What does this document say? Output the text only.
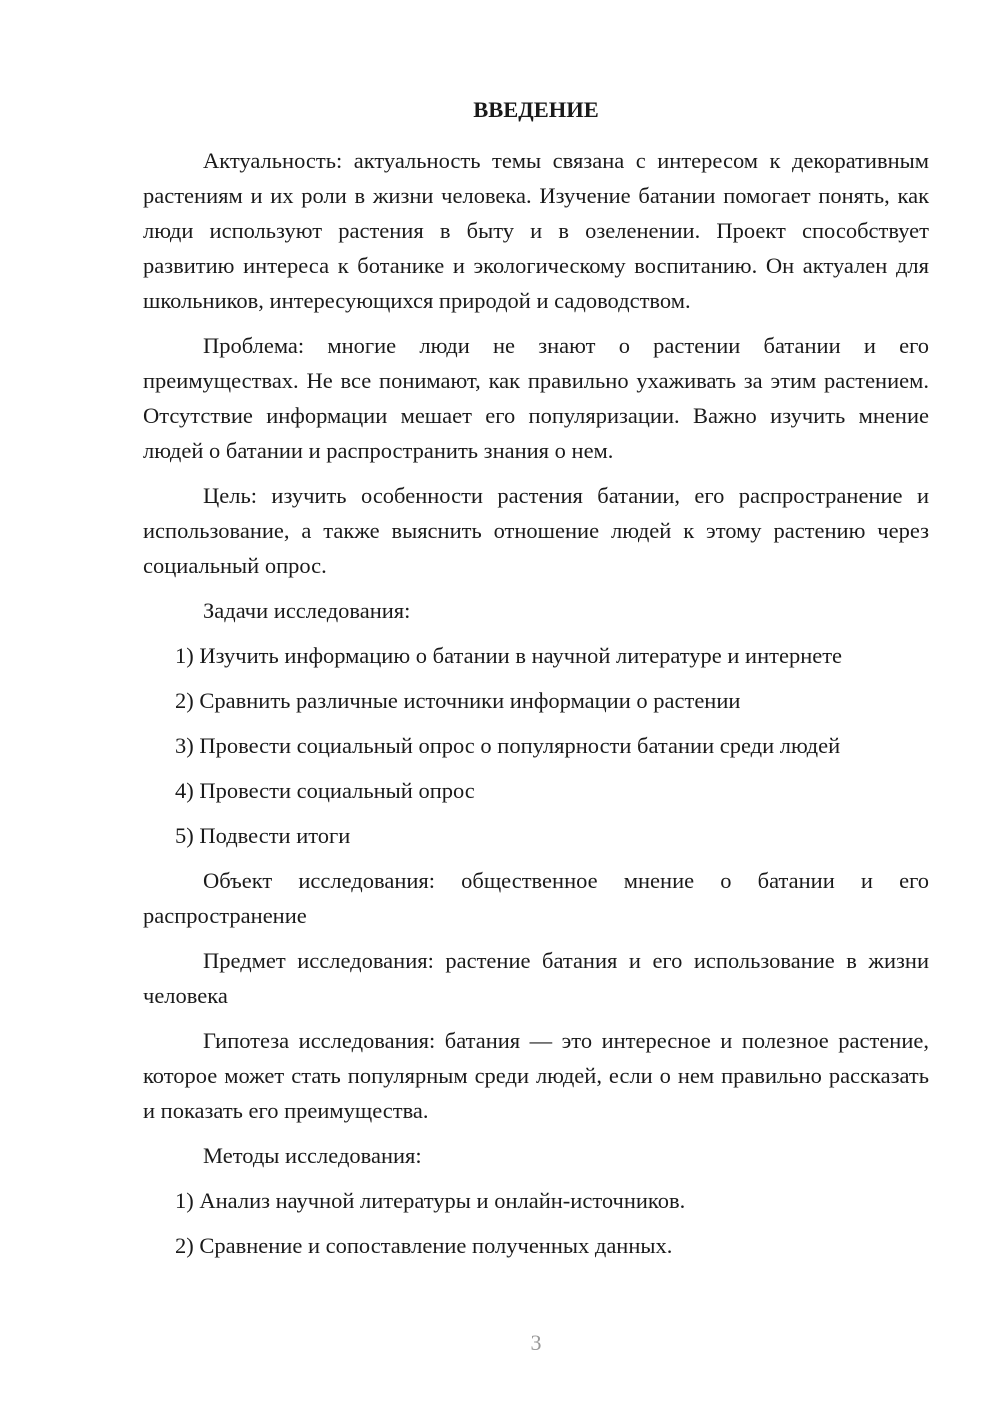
ВВЕДЕНИЕ

Актуальность: актуальность темы связана с интересом к декоративным растениям и их роли в жизни человека. Изучение батании помогает понять, как люди используют растения в быту и в озеленении. Проект способствует развитию интереса к ботанике и экологическому воспитанию. Он актуален для школьников, интересующихся природой и садоводством.

Проблема: многие люди не знают о растении батании и его преимуществах. Не все понимают, как правильно ухаживать за этим растением. Отсутствие информации мешает его популяризации. Важно изучить мнение людей о батании и распространить знания о нем.

Цель: изучить особенности растения батании, его распространение и использование, а также выяснить отношение людей к этому растению через социальный опрос.

Задачи исследования:

1) Изучить информацию о батании в научной литературе и интернете

2) Сравнить различные источники информации о растении

3) Провести социальный опрос о популярности батании среди людей

4) Провести социальный опрос

5) Подвести итоги

Объект исследования: общественное мнение о батании и его распространение

Предмет исследования: растение батания и его использование в жизни человека

Гипотеза исследования: батания — это интересное и полезное растение, которое может стать популярным среди людей, если о нем правильно рассказать и показать его преимущества.

Методы исследования:

1) Анализ научной литературы и онлайн-источников.

2) Сравнение и сопоставление полученных данных.

3
